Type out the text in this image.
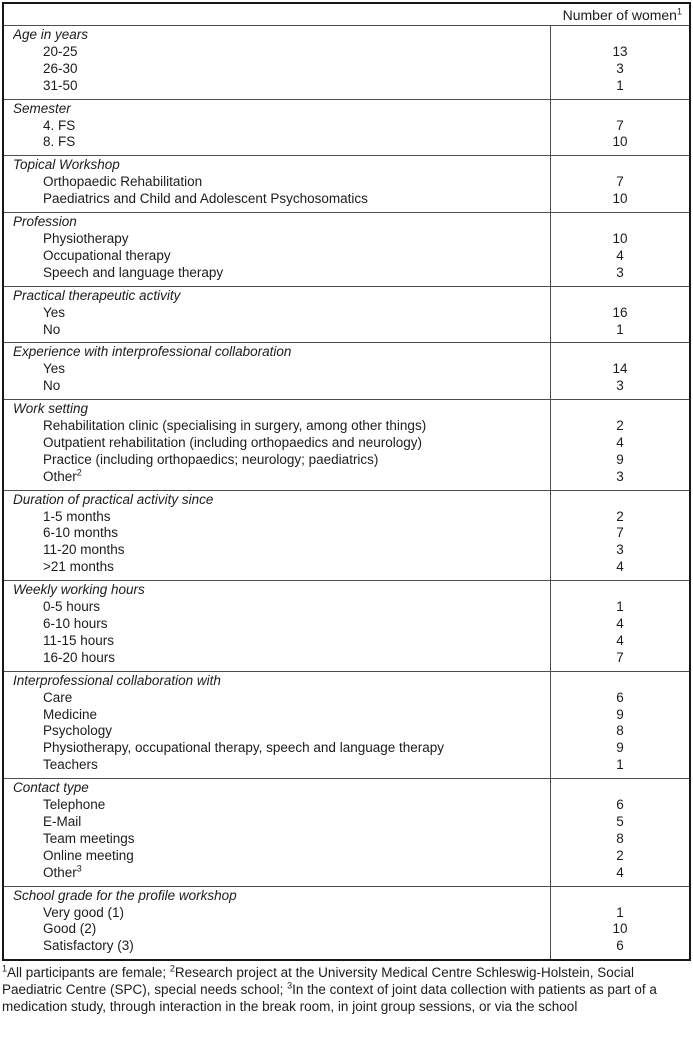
Number of women$^1$
Age in years
20-25
26-30
31-50
13
3
1
Semester
4. FS
8. FS
7
10
Topical Workshop
Orthopaedic Rehabilitation
Paediatrics and Child and Adolescent Psychosomatics
7
10
Profession
Physiotherapy
Occupational therapy
Speech and language therapy
10
4
3
Practical therapeutic activity
Yes
No
16
1
Experience with interprofessional collaboration
Yes
No
14
3
Work setting
Rehabilitation clinic (specialising in surgery, among other things)
Outpatient rehabilitation (including orthopaedics and neurology)
Practice (including orthopaedics; neurology; paediatrics)
Other$^2$
2
4
9
3
Duration of practical activity since
1-5 months
6-10 months
11-20 months
>21 months
2
7
3
4
Weekly working hours
0-5 hours
6-10 hours
11-15 hours
16-20 hours
1
4
4
7
Interprofessional collaboration with
Care
Medicine
Psychology
Physiotherapy, occupational therapy, speech and language therapy
Teachers
6
9
8
9
1
Contact type
Telephone
E-Mail
Team meetings
Online meeting
Other$^3$
6
5
8
2
4
School grade for the profile workshop
Very good (1)
Good (2)
Satisfactory (3)
1
10
6
$^1$All participants are female; $^2$Research project at the University Medical Centre Schleswig-Holstein, Social Paediatric Centre (SPC), special needs school; $^3$In the context of joint data collection with patients as part of a medication study, through interaction in the break room, in joint group sessions, or via the school
